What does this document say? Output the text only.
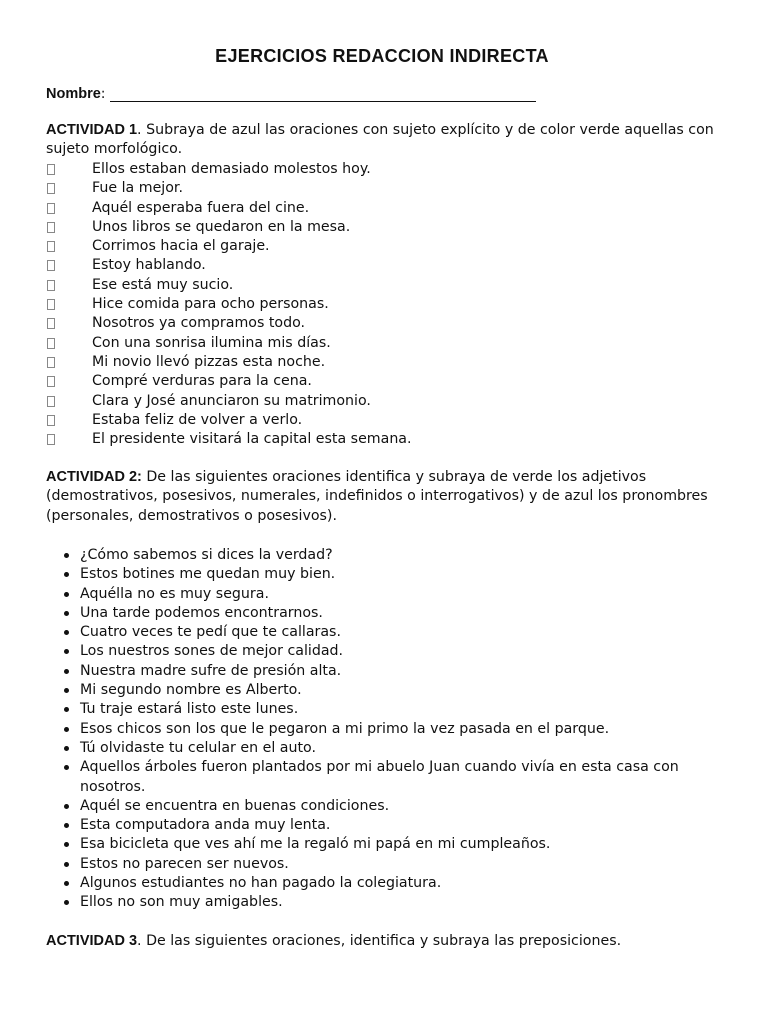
EJERCICIOS REDACCION INDIRECTA
Nombre :
ACTIVIDAD 1. Subraya de azul las oraciones con sujeto explícito y de color verde aquellas con sujeto morfológico.
Ellos estaban demasiado molestos hoy.
Fue la mejor.
Aquél esperaba fuera del cine.
Unos libros se quedaron en la mesa.
Corrimos hacia el garaje.
Estoy hablando.
Ese está muy sucio.
Hice comida para ocho personas.
Nosotros ya compramos todo.
Con una sonrisa ilumina mis días.
Mi novio llevó pizzas esta noche.
Compré verduras para la cena.
Clara y José anunciaron su matrimonio.
Estaba feliz de volver a verlo.
El presidente visitará la capital esta semana.
ACTIVIDAD 2: De las siguientes oraciones identifica y subraya de verde los adjetivos (demostrativos, posesivos, numerales, indefinidos o interrogativos) y de azul los pronombres (personales, demostrativos o posesivos).
¿Cómo sabemos si dices la verdad?
Estos botines me quedan muy bien.
Aquélla no es muy segura.
Una tarde podemos encontrarnos.
Cuatro veces te pedí que te callaras.
Los nuestros sones de mejor calidad.
Nuestra madre sufre de presión alta.
Mi segundo nombre es Alberto.
Tu traje estará listo este lunes.
Esos chicos son los que le pegaron a mi primo la vez pasada en el parque.
Tú olvidaste tu celular en el auto.
Aquellos árboles fueron plantados por mi abuelo Juan cuando vivía en esta casa con nosotros.
Aquél se encuentra en buenas condiciones.
Esta computadora anda muy lenta.
Esa bicicleta que ves ahí me la regaló mi papá en mi cumpleaños.
Estos no parecen ser nuevos.
Algunos estudiantes no han pagado la colegiatura.
Ellos no son muy amigables.
ACTIVIDAD 3. De las siguientes oraciones, identifica y subraya las preposiciones.
